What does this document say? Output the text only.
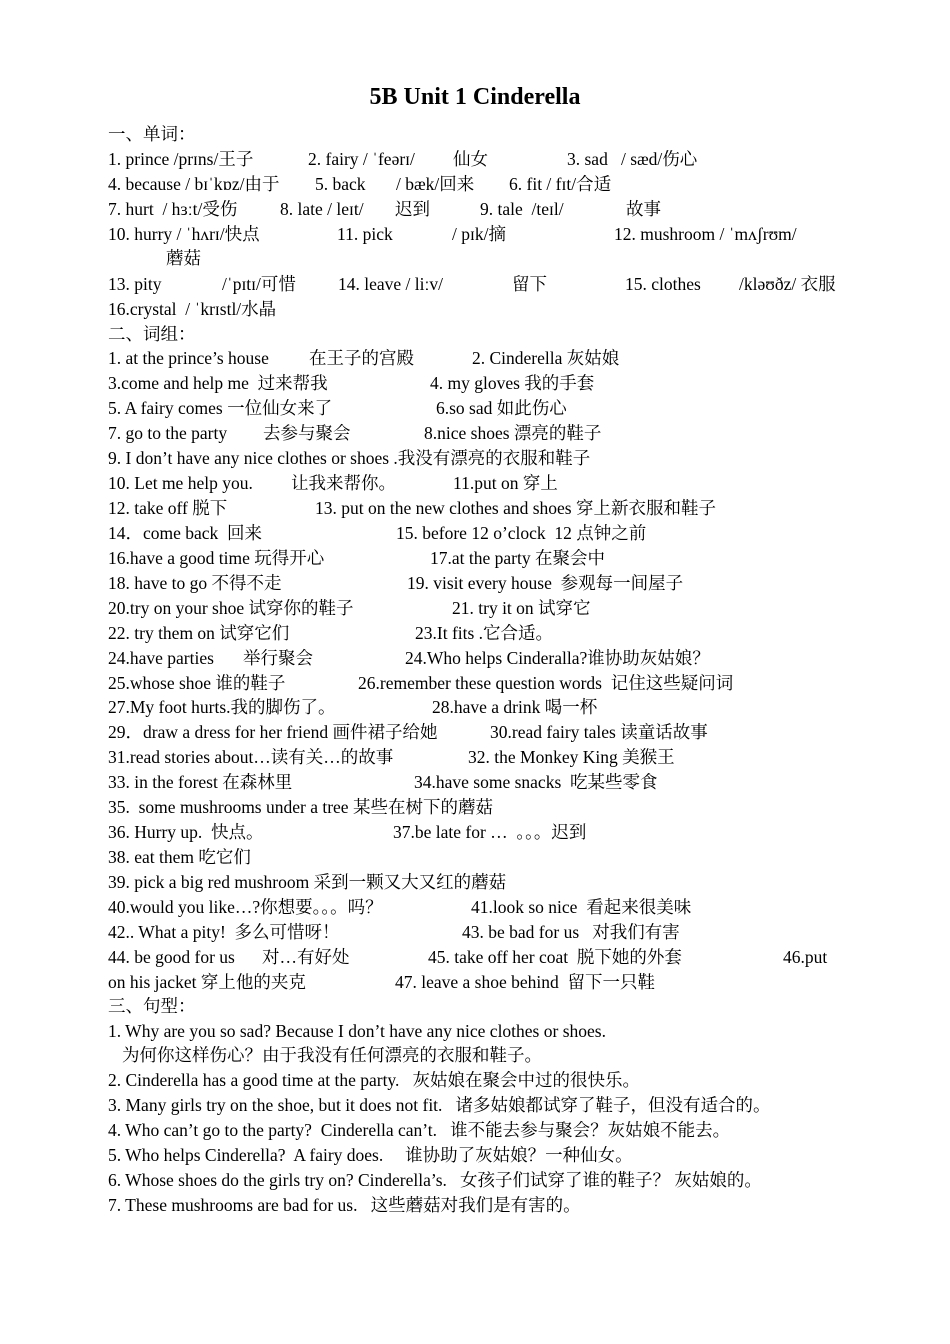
5B Unit 1 Cinderella
一、单词：
1. prince /prɪns/王子	2. fairy / ˈfeərɪ/ 仙女	3. sad   / sæd/伤心
4. because / bɪˈkɒz/由于 5. back / bæk/回来 6. fit / fɪt/合适
7. hurt  / hɜːt/受伤 8. late / leɪt/ 迟到	9. tale  /teɪl/	故事
10. hurry / ˈhʌrɪ/快点	11. pick	/ pɪk/摘	12. mushroom / ˈmʌʃrʊm/
蘑菇
13. pity	/ˈpɪtɪ/可惜 14. leave / liːv/	留下	15. clothes /kləʊðz/ 衣服
16.crystal  / ˈkrɪstl/水晶
二、词组：
1. at the prince’s house 在王子的宫殿	2. Cinderella 灰姑娘
3.come and help me  过来帮我	4. my gloves 我的手套
5. A fairy comes 一位仙女来了	6.so sad 如此伤心
7. go to the party 去参与聚会	8.nice shoes 漂亮的鞋子
9. I don’t have any nice clothes or shoes .我没有漂亮的衣服和鞋子
10. Let me help you. 让我来帮你。	11.put on 穿上
12. take off 脱下	13. put on the new clothes and shoes 穿上新衣服和鞋子
14．come back  回来	15. before 12 o’clock  12 点钟之前
16.have a good time 玩得开心	17.at the party 在聚会中
18. have to go 不得不走	19. visit every house  参观每一间屋子
20.try on your shoe 试穿你的鞋子	21. try it on 试穿它
22. try them on 试穿它们	23.It fits .它合适。
24.have parties 举行聚会	24.Who helps Cinderalla?谁协助灰姑娘？
25.whose shoe 谁的鞋子	26.remember these question words  记住这些疑问词
27.My foot hurts.我的脚伤了。	28.have a drink 喝一杯
29．draw a dress for her friend 画件裙子给她	30.read fairy tales 读童话故事
31.read stories about…读有关…的故事	32. the Monkey King 美猴王
33. in the forest 在森林里	34.have some snacks  吃某些零食
35.  some mushrooms under a tree 某些在树下的蘑菇
36. Hurry up.  快点。	37.be late for …  。。。迟到
38. eat them 吃它们
39. pick a big red mushroom 采到一颗又大又红的蘑菇
40.would you like…?你想要。。。吗？	41.look so nice  看起来很美味
42.. What a pity!  多么可惜呀！	43. be bad for us   对我们有害
44. be good for us 对…有好处	45. take off her coat  脱下她的外套	46.put
on his jacket 穿上他的夹克	47. leave a shoe behind  留下一只鞋
三、句型：
1. Why are you so sad? Because I don’t have any nice clothes or shoes.
为何你这样伤心？由于我没有任何漂亮的衣服和鞋子。
2. Cinderella has a good time at the party.   灰姑娘在聚会中过的很快乐。
3. Many girls try on the shoe, but it does not fit.   诸多姑娘都试穿了鞋子，但没有适合的。
4. Who can’t go to the party?  Cinderella can’t.   谁不能去参与聚会？灰姑娘不能去。
5. Who helps Cinderella?  A fairy does.     谁协助了灰姑娘？一种仙女。
6. Whose shoes do the girls try on? Cinderella’s.   女孩子们试穿了谁的鞋子？ 灰姑娘的。
7. These mushrooms are bad for us.   这些蘑菇对我们是有害的。
